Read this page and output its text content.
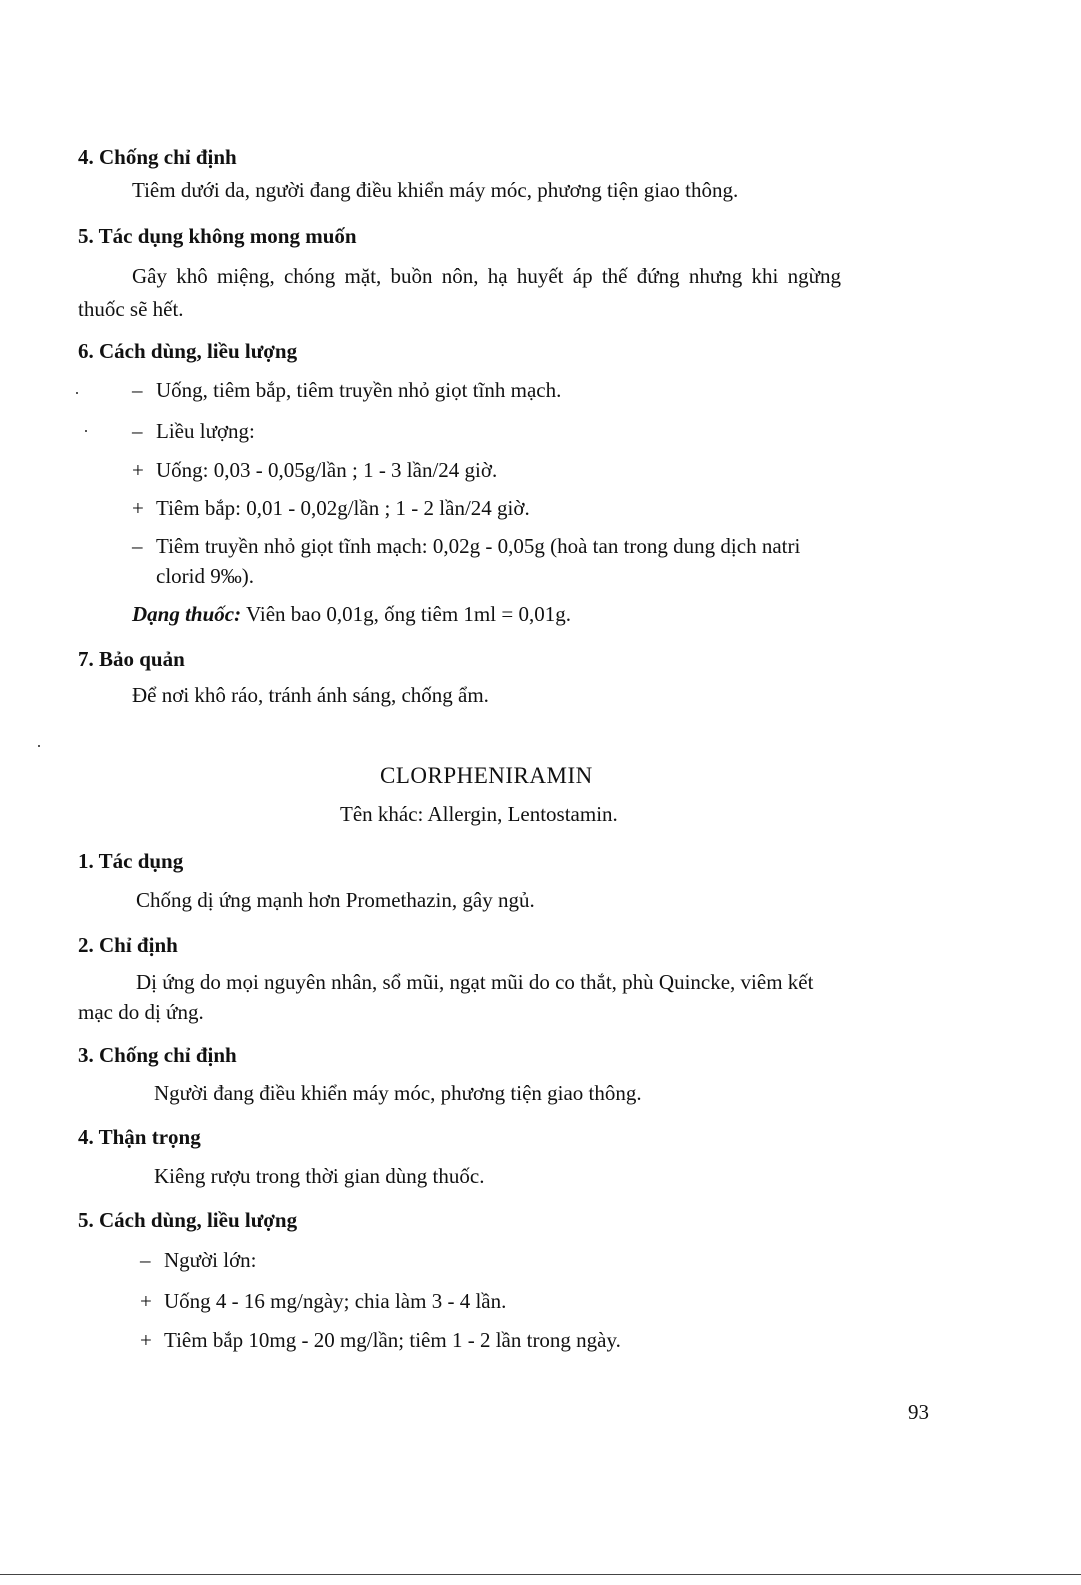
4. Chống chỉ định
Tiêm dưới da, người đang điều khiển máy móc, phương tiện giao thông.
5. Tác dụng không mong muốn
Gây khô miệng, chóng mặt, buồn nôn, hạ huyết áp thế đứng nhưng khi ngừng
thuốc sẽ hết.
6. Cách dùng, liều lượng
– Uống, tiêm bắp, tiêm truyền nhỏ giọt tĩnh mạch.
– Liều lượng:
+ Uống: 0,03 - 0,05g/lần ; 1 - 3 lần/24 giờ.
+ Tiêm bắp: 0,01 - 0,02g/lần ; 1 - 2 lần/24 giờ.
– Tiêm truyền nhỏ giọt tĩnh mạch: 0,02g - 0,05g (hoà tan trong dung dịch natri
clorid 9‰).
Dạng thuốc: Viên bao 0,01g, ống tiêm 1ml = 0,01g.
7. Bảo quản
Để nơi khô ráo, tránh ánh sáng, chống ẩm.
CLORPHENIRAMIN
Tên khác: Allergin, Lentostamin.
1. Tác dụng
Chống dị ứng mạnh hơn Promethazin, gây ngủ.
2. Chỉ định
Dị ứng do mọi nguyên nhân, sổ mũi, ngạt mũi do co thắt, phù Quincke, viêm kết
mạc do dị ứng.
3. Chống chỉ định
Người đang điều khiển máy móc, phương tiện giao thông.
4. Thận trọng
Kiêng rượu trong thời gian dùng thuốc.
5. Cách dùng, liều lượng
– Người lớn:
+ Uống 4 - 16 mg/ngày; chia làm 3 - 4 lần.
+ Tiêm bắp 10mg - 20 mg/lần; tiêm 1 - 2 lần trong ngày.
93
